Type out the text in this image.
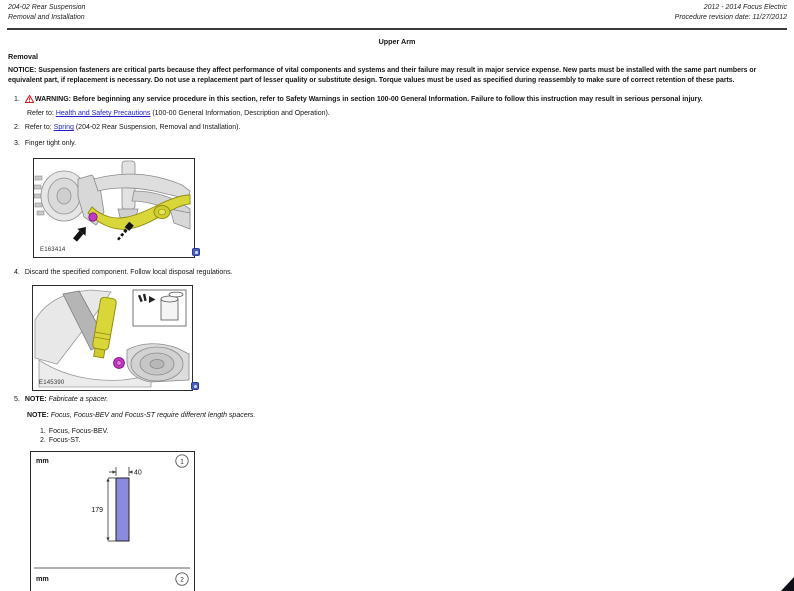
204-02 Rear Suspension
Removal and Installation
2012 - 2014 Focus Electric
Procedure revision date: 11/27/2012
Upper Arm
Removal
NOTICE: Suspension fasteners are critical parts because they affect performance of vital components and systems and their failure may result in major service expense. New parts must be installed with the same part numbers or equivalent part, if replacement is necessary. Do not use a replacement part of lesser quality or substitute design. Torque values must be used as specified during reassembly to make sure of correct retention of these parts.
1. WARNING: Before beginning any service procedure in this section, refer to Safety Warnings in section 100-00 General Information. Failure to follow this instruction may result in serious personal injury.
Refer to: Health and Safety Precautions (100-00 General Information, Description and Operation).
2. Refer to: Spring (204-02 Rear Suspension, Removal and Installation).
3. Finger tight only.
E163414
4. Discard the specified component. Follow local disposal regulations.
E145390
5. NOTE: Fabricate a spacer.
NOTE: Focus, Focus-BEV and Focus-ST require different length spacers.
1. Focus, Focus-BEV.
2. Focus-ST.
mm	1
40
179
mm	2
